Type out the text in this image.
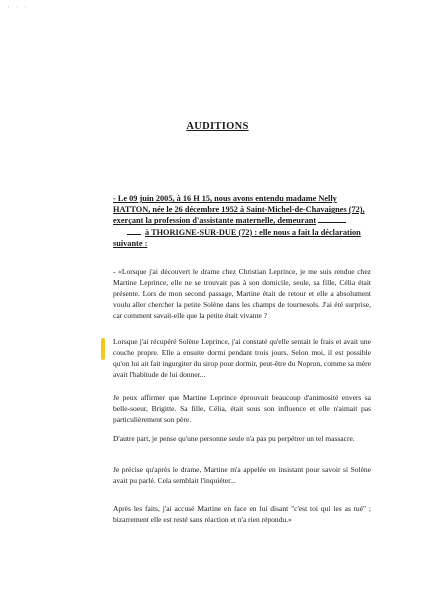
' ' '
AUDITIONS
- Le 09 juin 2005, à 16 H 15, nous avons entendu madame Nelly
HATTON, née le 26 décembre 1952 à Saint-Michel-de-Chavaignes (72),
exerçant la profession d'assistante maternelle, demeurant
à THORIGNE-SUR-DUE (72) : elle nous a fait la déclaration
suivante :
- «Lorsque j'ai découvert le drame chez Christian Leprince, je me suis rendue chez Martine Leprince, elle ne se trouvait pas à son domicile, seule, sa fille, Célia était présente. Lors de mon second passage, Martine était de retour et elle a absolument voulu aller chercher la petite Solène dans les champs de tournesols. J'ai été surprise, car comment savait-elle que la petite était vivante ?
Lorsque j'ai récupéré Solène Leprince, j'ai constaté qu'elle sentait le frais et avait une couche propre. Elle a ensuite dormi pendant trois jours. Selon moi, il est possible qu'on lui ait fait ingurgiter du sirop pour dormir, peut-être du Nopron, comme sa mère avait l'habitude de lui donner...
Je peux affirmer que Martine Leprince éprouvait beaucoup d'animosité envers sa belle-soeur, Brigitte. Sa fille, Célia, était sous son influence et elle n'aimait pas particulièrement son père.
D'autre part, je pense qu'une personne seule n'a pas pu perpétrer un tel massacre.
Je précise qu'après le drame, Martine m'a appelée en insistant pour savoir si Solène avait pu parlé. Cela semblait l'inquiéter...
Après les faits, j'ai accusé Martine en face en lui disant "c'est toi qui les as tué" ; bizarrement elle est resté sans réaction et n'a rien répondu.»
